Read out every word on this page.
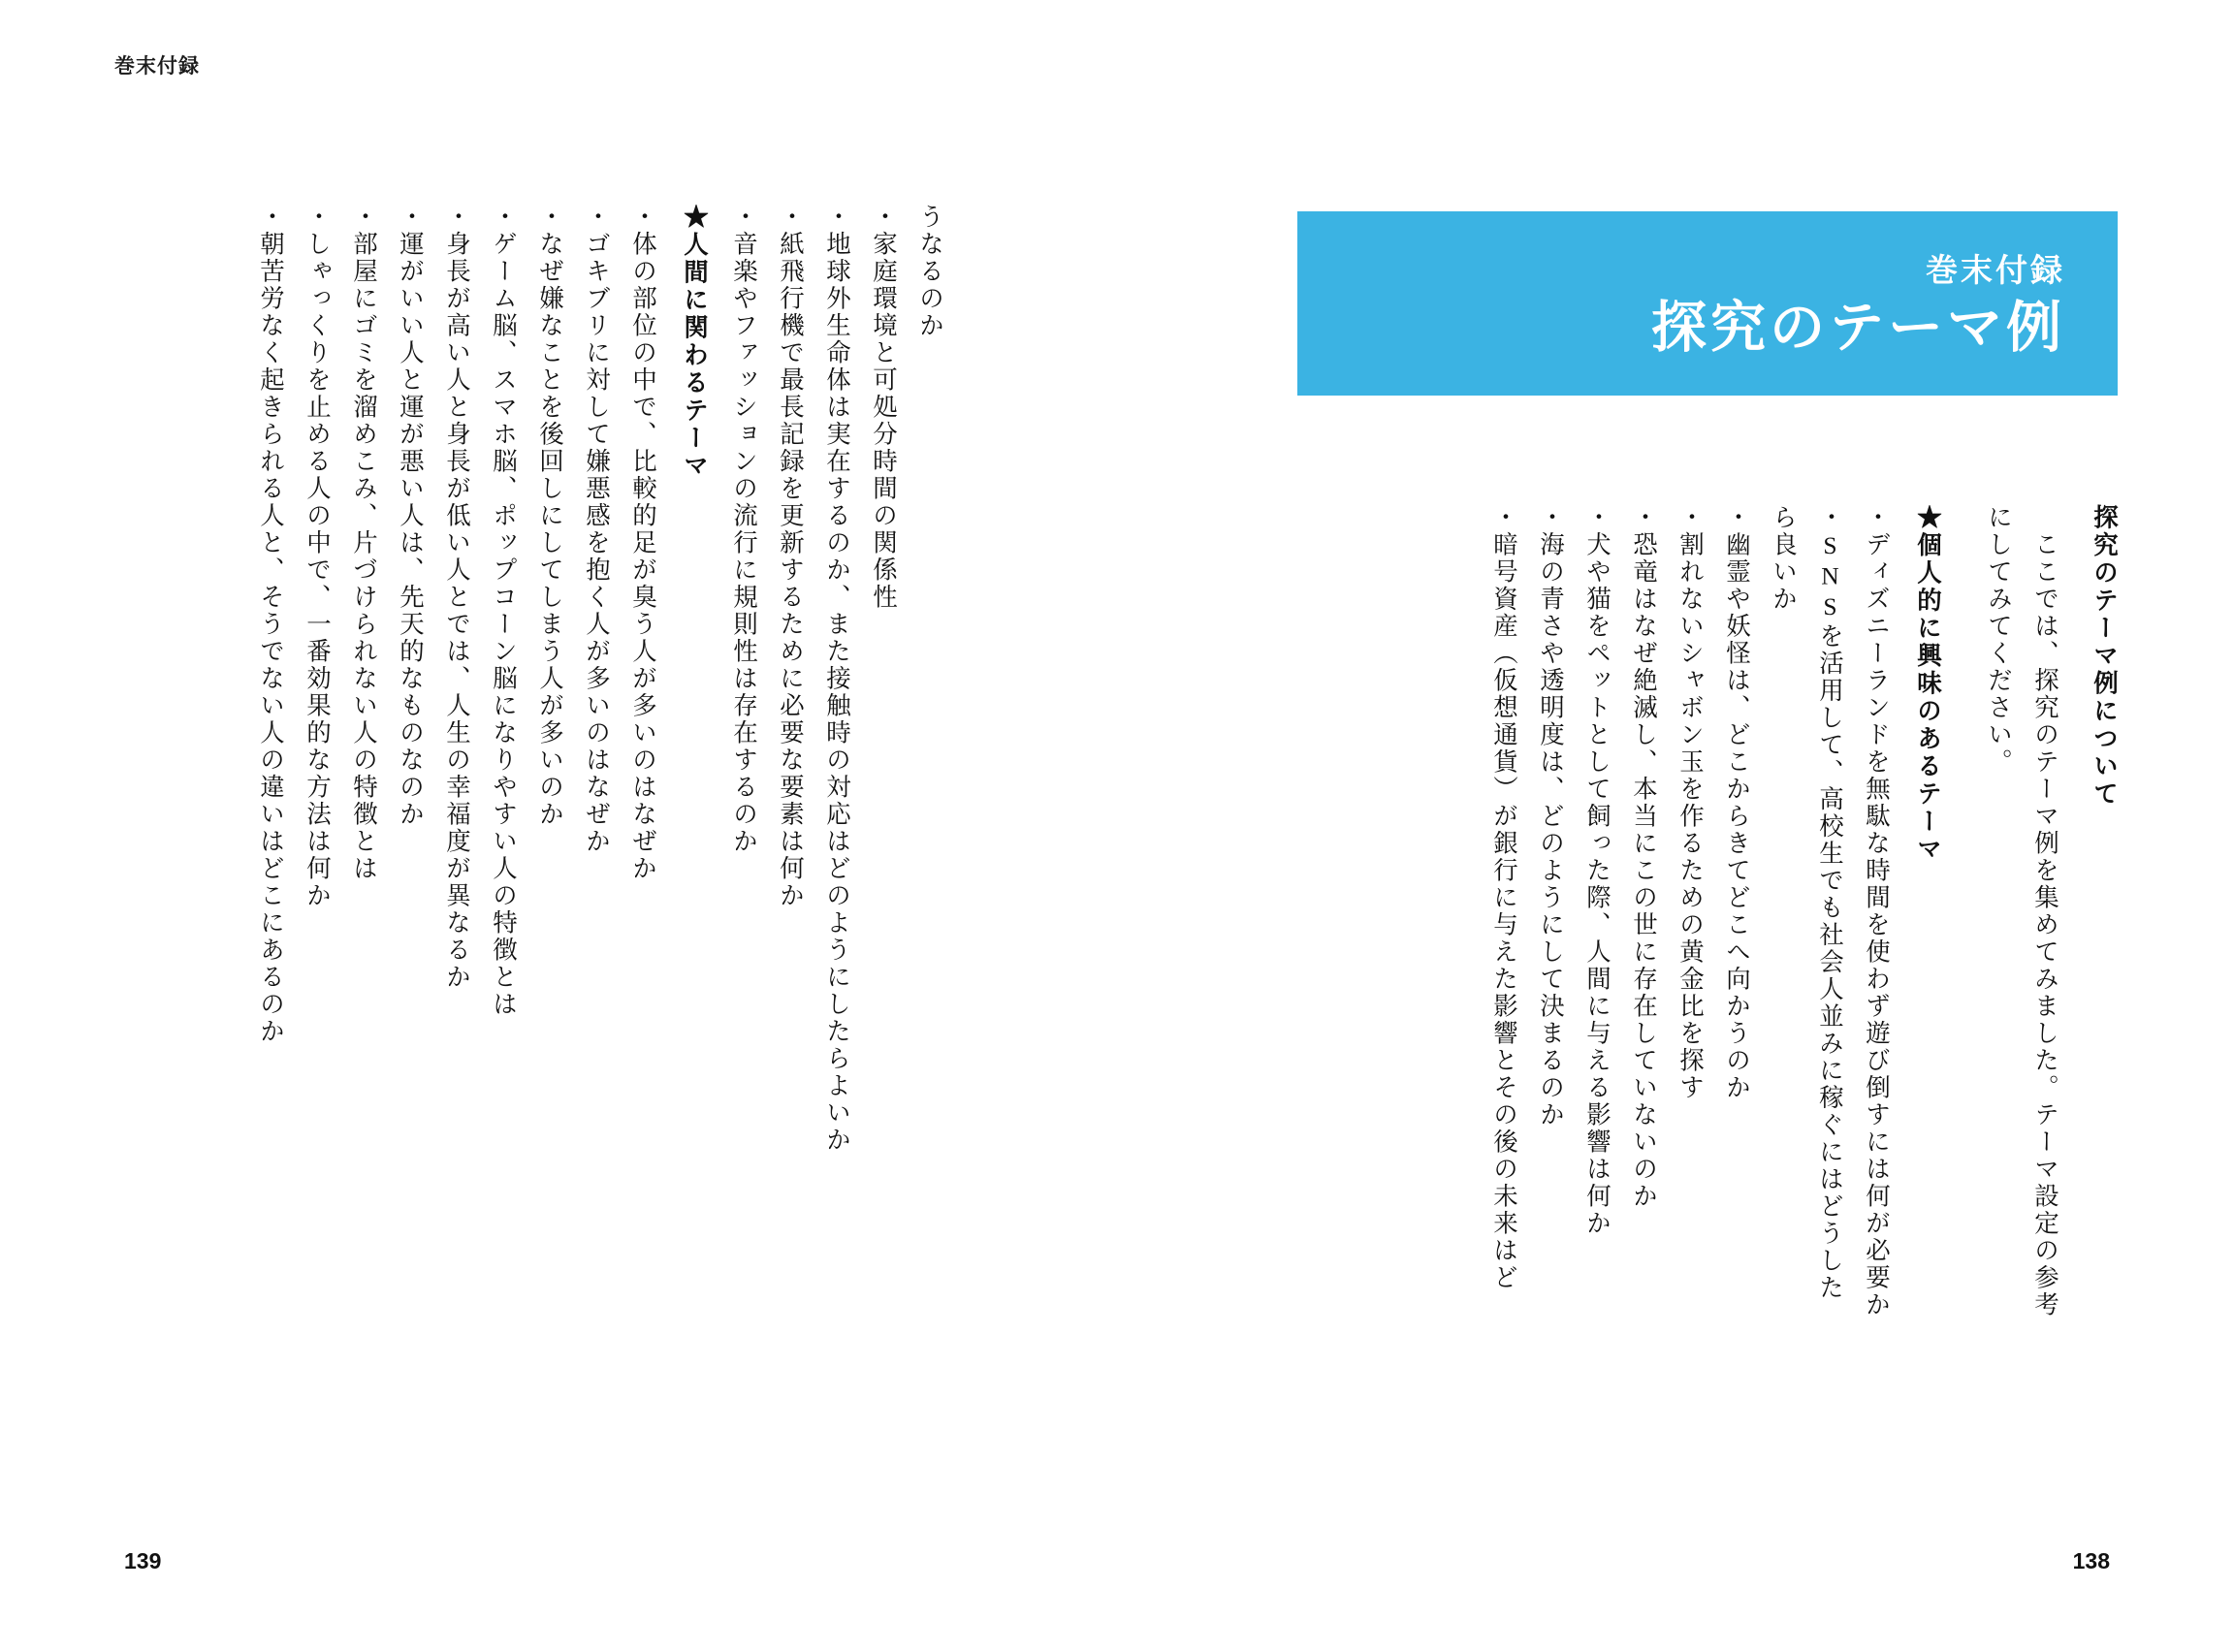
巻末付録
巻末付録
探究のテーマ例
探究のテーマ例について
ここでは、探究のテーマ例を集めてみました。テーマ設定の参考
にしてみてください。
★個人的に興味のあるテーマ
・ディズニーランドを無駄な時間を使わず遊び倒すには何が必要か
・SNSを活用して、高校生でも社会人並みに稼ぐにはどうした
ら良いか
・幽霊や妖怪は、どこからきてどこへ向かうのか
・割れないシャボン玉を作るための黄金比を探す
・恐竜はなぜ絶滅し、本当にこの世に存在していないのか
・犬や猫をペットとして飼った際、人間に与える影響は何か
・海の青さや透明度は、どのようにして決まるのか
・暗号資産（仮想通貨）が銀行に与えた影響とその後の未来はど
138
うなるのか
・家庭環境と可処分時間の関係性
・地球外生命体は実在するのか、また接触時の対応はどのようにしたらよいか
・紙飛行機で最長記録を更新するために必要な要素は何か
・音楽やファッションの流行に規則性は存在するのか
★人間に関わるテーマ
・体の部位の中で、比較的足が臭う人が多いのはなぜか
・ゴキブリに対して嫌悪感を抱く人が多いのはなぜか
・なぜ嫌なことを後回しにしてしまう人が多いのか
・ゲーム脳、スマホ脳、ポップコーン脳になりやすい人の特徴とは
・身長が高い人と身長が低い人とでは、人生の幸福度が異なるか
・運がいい人と運が悪い人は、先天的なものなのか
・部屋にゴミを溜めこみ、片づけられない人の特徴とは
・しゃっくりを止める人の中で、一番効果的な方法は何か
・朝苦労なく起きられる人と、そうでない人の違いはどこにあるのか
139
